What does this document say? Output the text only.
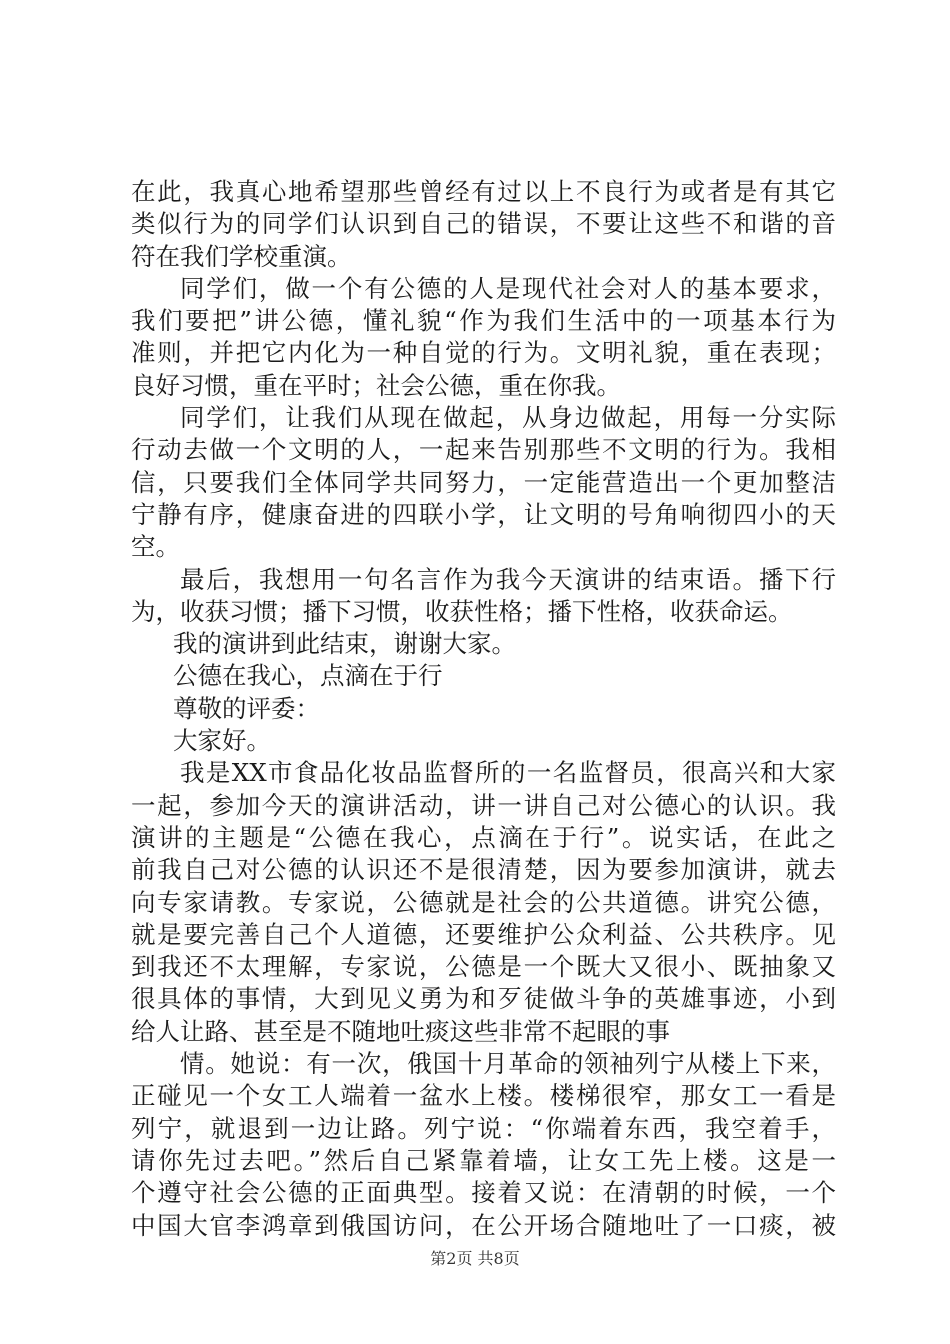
在此，我真心地希望那些曾经有过以上不良行为或者是有其它
类似行为的同学们认识到自己的错误，不要让这些不和谐的音
符在我们学校重演。
同学们，做一个有公德的人是现代社会对人的基本要求，
我们要把”讲公德，懂礼貌“作为我们生活中的一项基本行为
准则，并把它内化为一种自觉的行为。文明礼貌，重在表现；
良好习惯，重在平时；社会公德，重在你我。
同学们，让我们从现在做起，从身边做起，用每一分实际
行动去做一个文明的人，一起来告别那些不文明的行为。我相
信，只要我们全体同学共同努力，一定能营造出一个更加整洁
宁静有序，健康奋进的四联小学，让文明的号角响彻四小的天
空。
最后，我想用一句名言作为我今天演讲的结束语。播下行
为，收获习惯；播下习惯，收获性格；播下性格，收获命运。
我的演讲到此结束，谢谢大家。
公德在我心，点滴在于行
尊敬的评委：
大家好。
我是XX市食品化妆品监督所的一名监督员，很高兴和大家
一起，参加今天的演讲活动，讲一讲自己对公德心的认识。我
演讲的主题是“公德在我心，点滴在于行”。说实话，在此之
前我自己对公德的认识还不是很清楚，因为要参加演讲，就去
向专家请教。专家说，公德就是社会的公共道德。讲究公德，
就是要完善自己个人道德，还要维护公众利益、公共秩序。见
到我还不太理解，专家说，公德是一个既大又很小、既抽象又
很具体的事情，大到见义勇为和歹徒做斗争的英雄事迹，小到
给人让路、甚至是不随地吐痰这些非常不起眼的事
情。她说：有一次，俄国十月革命的领袖列宁从楼上下来，
正碰见一个女工人端着一盆水上楼。楼梯很窄，那女工一看是
列宁，就退到一边让路。列宁说：“你端着东西，我空着手，
请你先过去吧。”然后自己紧靠着墙，让女工先上楼。这是一
个遵守社会公德的正面典型。接着又说：在清朝的时候，一个
中国大官李鸿章到俄国访问，在公开场合随地吐了一口痰，被
第2页 共8页
